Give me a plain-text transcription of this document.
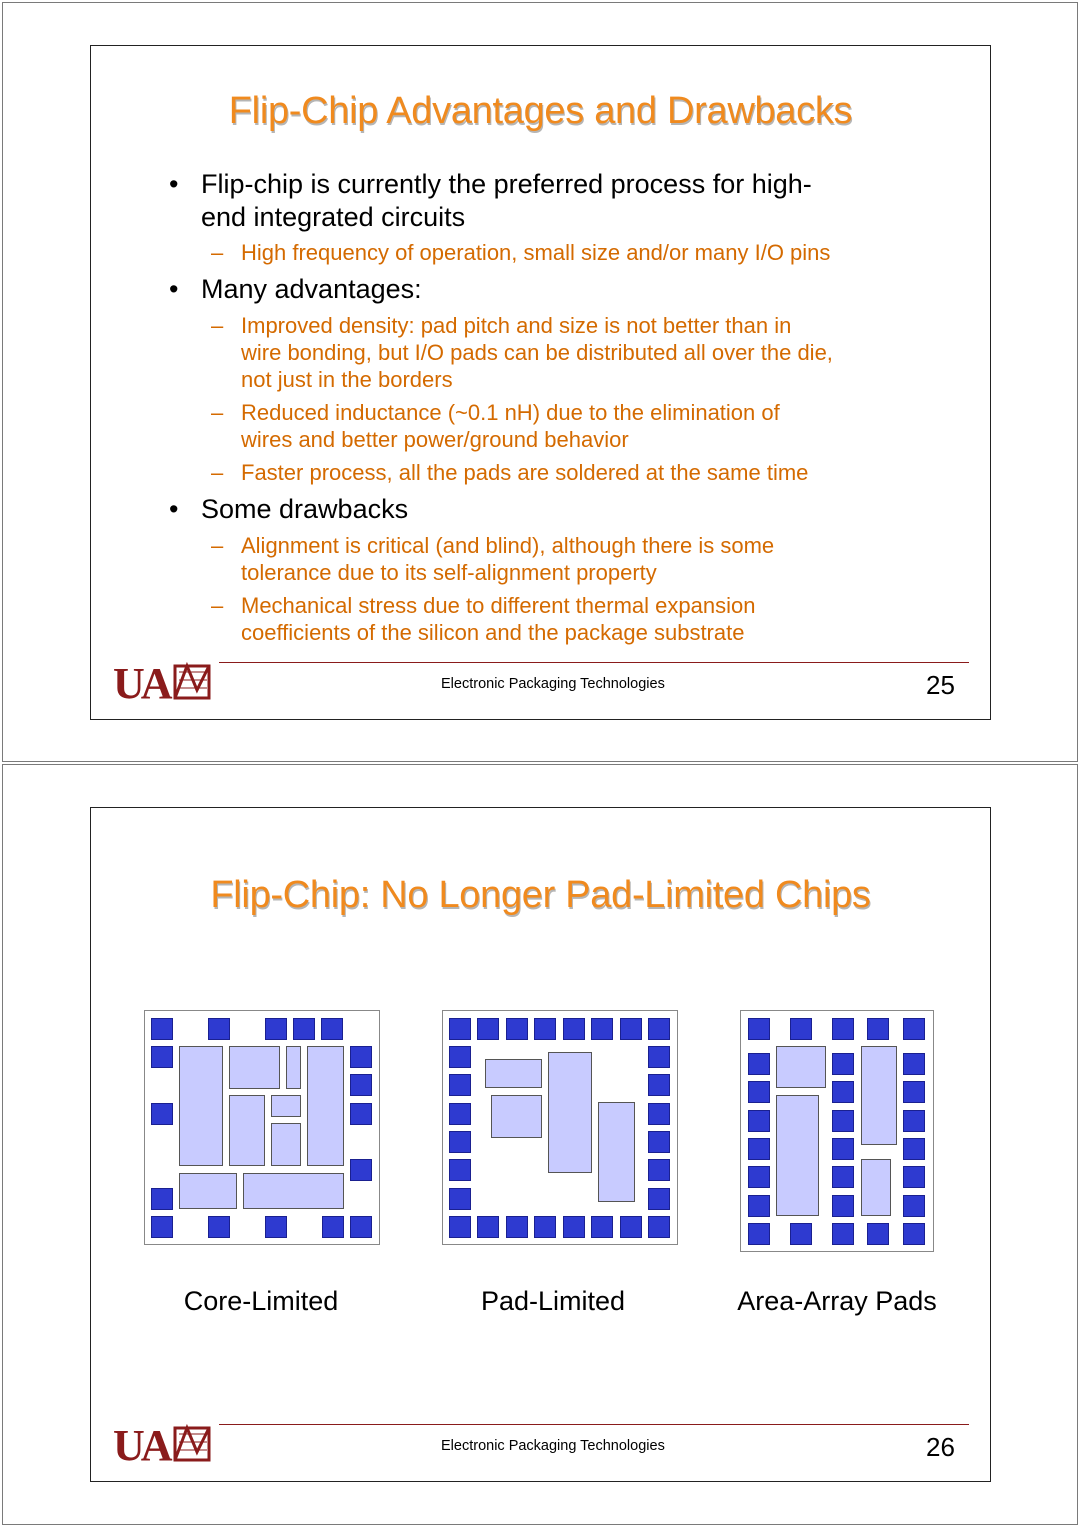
Flip-Chip Advantages and Drawbacks
• Flip-chip is currently the preferred process for high-
end integrated circuits
– High frequency of operation, small size and/or many I/O pins
• Many advantages:
– Improved density: pad pitch and size is not better than in
wire bonding, but I/O pads can be distributed all over the die,
not just in the borders
– Reduced inductance (~0.1 nH) due to the elimination of
wires and better power/ground behavior
– Faster process, all the pads are soldered at the same time
• Some drawbacks
– Alignment is critical (and blind), although there is some
tolerance due to its self-alignment property
– Mechanical stress due to different thermal expansion
coefficients of the silicon and the package substrate
UA	Electronic Packaging Technologies	25
Flip-Chip: No Longer Pad-Limited Chips
Core-Limited	Pad-Limited	Area-Array Pads
UA	Electronic Packaging Technologies	26
